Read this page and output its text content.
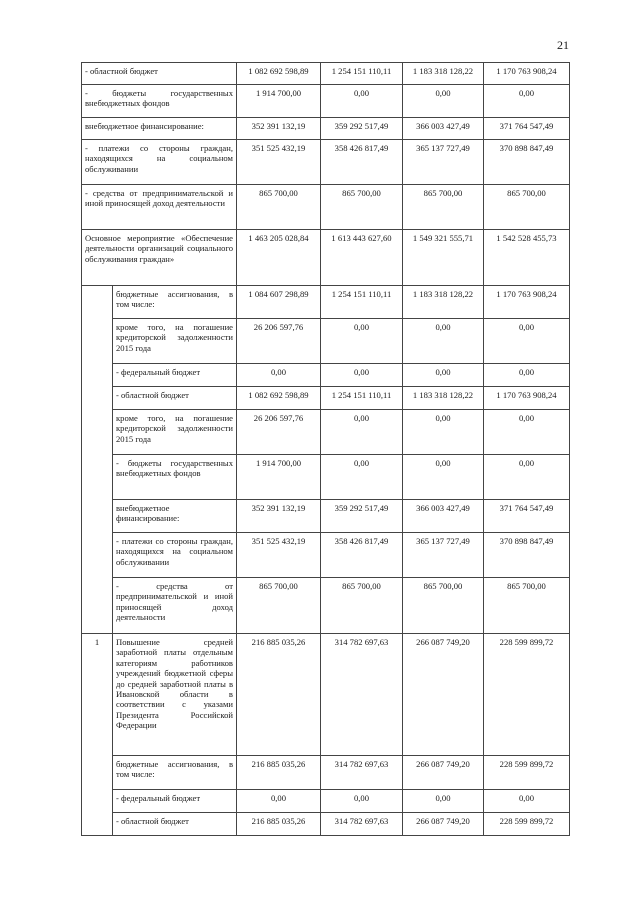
21
- областной бюджет		1 082 692 598,89	1 254 151 110,11	1 183 318 128,22	1 170 763 908,24
- бюджеты государственных внебюджетных фондов		1 914 700,00	0,00	0,00	0,00
внебюджетное финансирование:		352 391 132,19	359 292 517,49	366 003 427,49	371 764 547,49
- платежи со стороны граждан, находящихся на социальном обслуживании		351 525 432,19	358 426 817,49	365 137 727,49	370 898 847,49
- средства от предпринимательской и иной приносящей доход деятельности		865 700,00	865 700,00	865 700,00	865 700,00
Основное мероприятие «Обеспечение деятельности организаций социального обслуживания граждан»		1 463 205 028,84	1 613 443 627,60	1 549 321 555,71	1 542 528 455,73
	бюджетные ассигнования, в том числе:	1 084 607 298,89	1 254 151 110,11	1 183 318 128,22	1 170 763 908,24
	кроме того, на погашение кредиторской задолженности 2015 года	26 206 597,76	0,00	0,00	0,00
	- федеральный бюджет	0,00	0,00	0,00	0,00
	- областной бюджет	1 082 692 598,89	1 254 151 110,11	1 183 318 128,22	1 170 763 908,24
	кроме того, на погашение кредиторской задолженности 2015 года	26 206 597,76	0,00	0,00	0,00
	- бюджеты государственных внебюджетных фондов	1 914 700,00	0,00	0,00	0,00
	внебюджетное финансирование:	352 391 132,19	359 292 517,49	366 003 427,49	371 764 547,49
	- платежи со стороны граждан, находящихся на социальном обслуживании	351 525 432,19	358 426 817,49	365 137 727,49	370 898 847,49
	- средства от предпринимательской и иной приносящей доход деятельности	865 700,00	865 700,00	865 700,00	865 700,00
1	Повышение средней заработной платы отдельным категориям работников учреждений бюджетной сферы до средней заработной платы в Ивановской области в соответствии с указами Президента Российской Федерации	216 885 035,26	314 782 697,63	266 087 749,20	228 599 899,72
	бюджетные ассигнования, в том числе:	216 885 035,26	314 782 697,63	266 087 749,20	228 599 899,72
	- федеральный бюджет	0,00	0,00	0,00	0,00
	- областной бюджет	216 885 035,26	314 782 697,63	266 087 749,20	228 599 899,72
